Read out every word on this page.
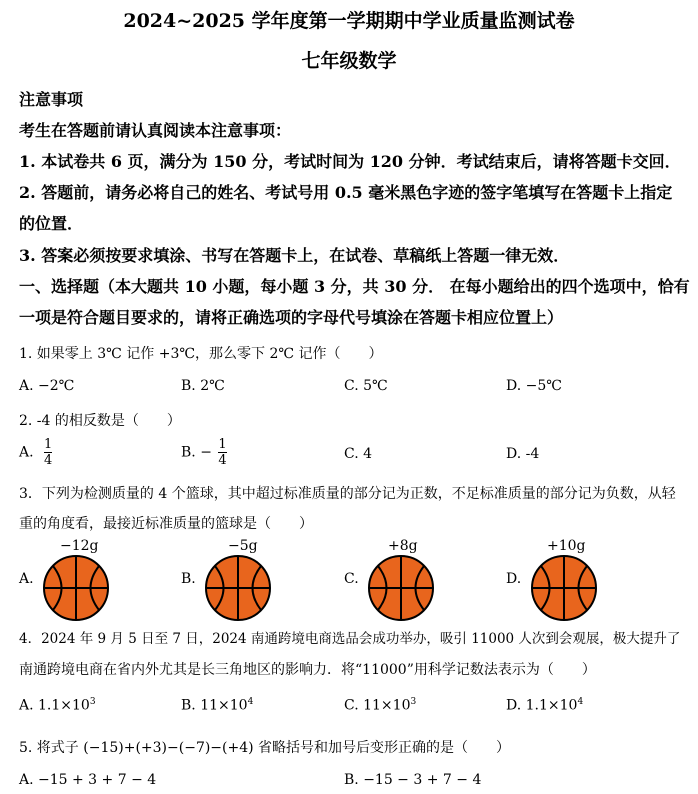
2024~2025 学年度第一学期期中学业质量监测试卷
七年级数学
注意事项
考生在答题前请认真阅读本注意事项：
1. 本试卷共 6 页，满分为 150 分，考试时间为 120 分钟．考试结束后，请将答题卡交回．
2. 答题前，请务必将自己的姓名、考试号用 0.5 毫米黑色字迹的签字笔填写在答题卡上指定
的位置．
3. 答案必须按要求填涂、书写在答题卡上，在试卷、草稿纸上答题一律无效．
一、选择题（本大题共 10 小题，每小题 3 分，共 30 分． 在每小题给出的四个选项中，恰有
一项是符合题目要求的，请将正确选项的字母代号填涂在答题卡相应位置上）
1. 如果零上 3℃ 记作 +3℃，那么零下 2℃ 记作（　　）
A. −2℃	B. 2℃	C. 5℃	D. −5℃
2. -4 的相反数是（　　）
A. $\frac{1}{4}$	B. − $\frac{1}{4}$	C. 4	D. -4
3．下列为检测质量的 4 个篮球，其中超过标准质量的部分记为正数，不足标准质量的部分记为负数，从轻
重的角度看，最接近标准质量的篮球是（　　）
A.
−12g
B.
−5g
C.
+8g
D.
+10g
4．2024 年 9 月 5 日至 7 日，2024 南通跨境电商选品会成功举办，吸引 11000 人次到会观展，极大提升了
南通跨境电商在省内外尤其是长三角地区的影响力．将“11000”用科学记数法表示为（　　）
A. $1.1\times 10^3$	B. $11\times 10^4$	C. $11\times 10^3$	D. $1.1\times 10^4$
5. 将式子 (−15)+(+3)−(−7)−(+4) 省略括号和加号后变形正确的是（　　）
A. −15 + 3 + 7 − 4	B. −15 − 3 + 7 − 4
